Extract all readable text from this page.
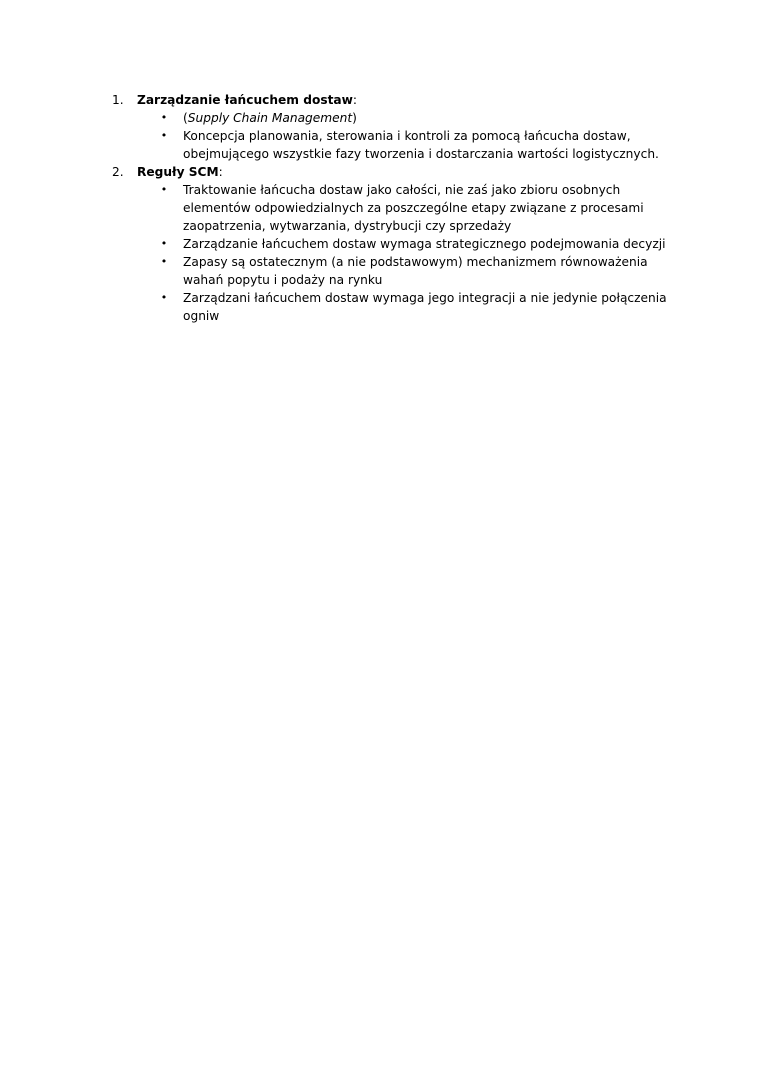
1.	Zarządzanie łańcuchem dostaw:
• (Supply Chain Management)
• Koncepcja planowania, sterowania i kontroli za pomocą łańcucha dostaw, obejmującego wszystkie fazy tworzenia i dostarczania wartości logistycznych.
2.	Reguły SCM:
• Traktowanie łańcucha dostaw jako całości, nie zaś jako zbioru osobnych elementów odpowiedzialnych za poszczególne etapy związane z procesami zaopatrzenia, wytwarzania, dystrybucji czy sprzedaży
• Zarządzanie łańcuchem dostaw wymaga strategicznego podejmowania decyzji
• Zapasy są ostatecznym (a nie podstawowym) mechanizmem równoważenia wahań popytu i podaży na rynku
• Zarządzani łańcuchem dostaw wymaga jego integracji a nie jedynie połączenia ogniw
